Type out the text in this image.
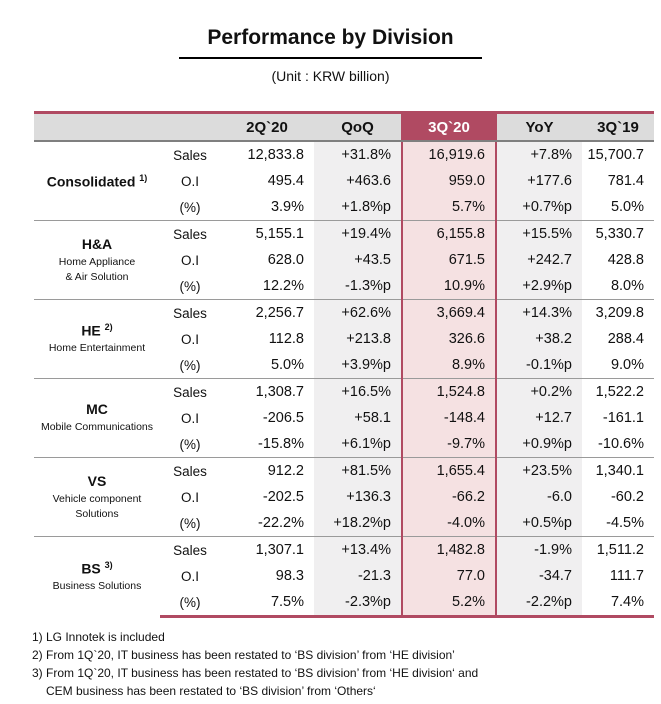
Performance by Division
(Unit : KRW billion)
		2Q`20	QoQ	3Q`20	YoY	3Q`19

Consolidated $^{1)}$	Sales	12,833.8	+31.8%	16,919.6	+7.8%	15,700.7
	O.I	495.4	+463.6	959.0	+177.6	781.4
	(%)	3.9%	+1.8%p	5.7%	+0.7%p	5.0%

H&A
Home Appliance
& Air Solution	Sales	5,155.1	+19.4%	6,155.8	+15.5%	5,330.7
	O.I	628.0	+43.5	671.5	+242.7	428.8
	(%)	12.2%	-1.3%p	10.9%	+2.9%p	8.0%

HE $^{2)}$
Home Entertainment	Sales	2,256.7	+62.6%	3,669.4	+14.3%	3,209.8
	O.I	112.8	+213.8	326.6	+38.2	288.4
	(%)	5.0%	+3.9%p	8.9%	-0.1%p	9.0%

MC
Mobile Communications	Sales	1,308.7	+16.5%	1,524.8	+0.2%	1,522.2
	O.I	-206.5	+58.1	-148.4	+12.7	-161.1
	(%)	-15.8%	+6.1%p	-9.7%	+0.9%p	-10.6%

VS
Vehicle component
Solutions	Sales	912.2	+81.5%	1,655.4	+23.5%	1,340.1
	O.I	-202.5	+136.3	-66.2	-6.0	-60.2
	(%)	-22.2%	+18.2%p	-4.0%	+0.5%p	-4.5%

BS $^{3)}$
Business Solutions	Sales	1,307.1	+13.4%	1,482.8	-1.9%	1,511.2
	O.I	98.3	-21.3	77.0	-34.7	111.7
	(%)	7.5%	-2.3%p	5.2%	-2.2%p	7.4%
1) LG Innotek is included
2) From 1Q`20, IT business has been restated to ‘BS division’ from ‘HE division’
3) From 1Q`20, IT business has been restated to ‘BS division’ from ‘HE division‘ and
CEM business has been restated to ‘BS division’ from ‘Others‘
